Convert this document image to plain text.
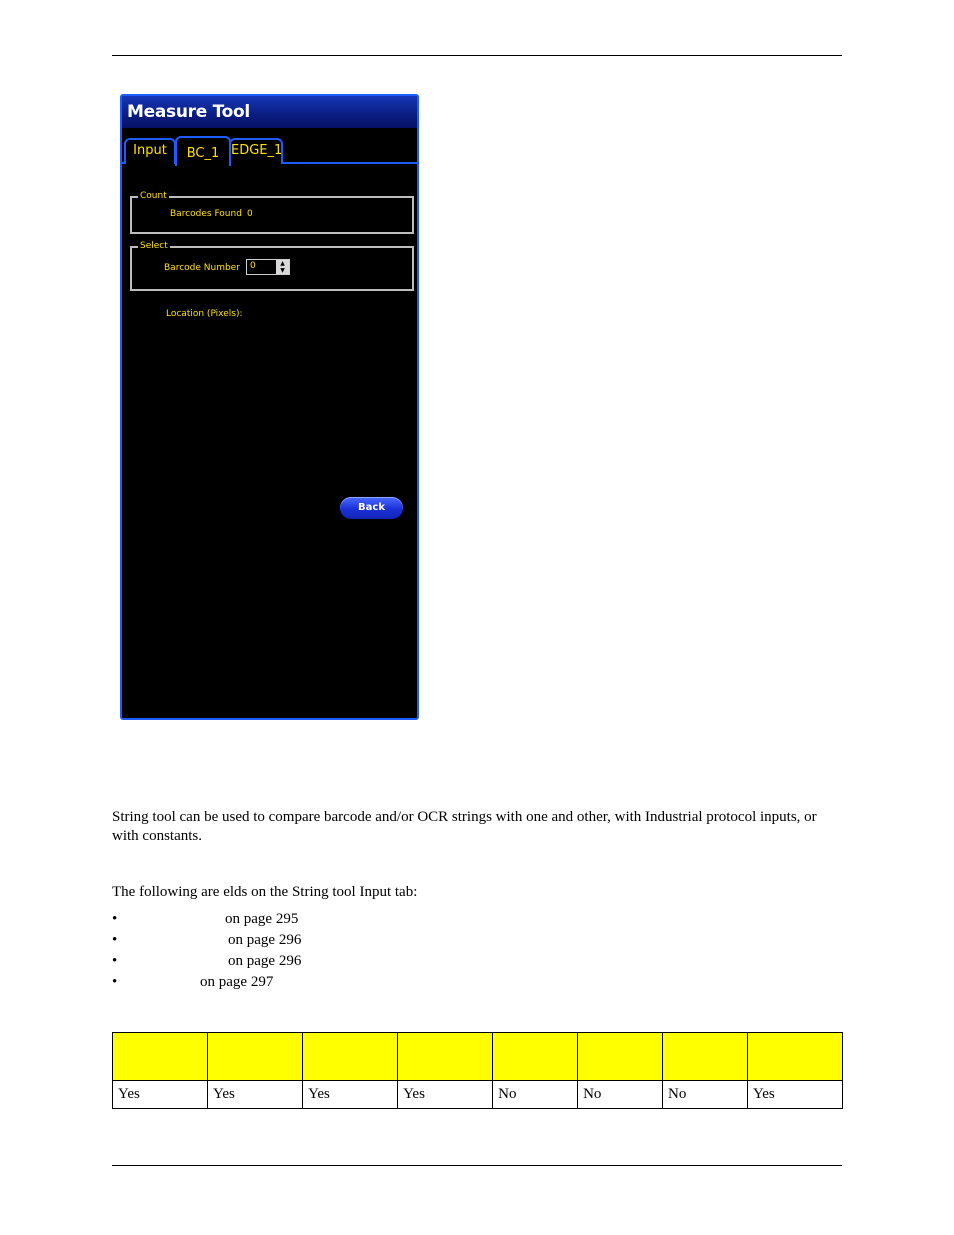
Measure Tool
Input	BC_1 EDGE_1
Count
Barcodes Found 0
Select
Barcode Number 0	▲
▼
Location (Pixels):
Back
String tool can be used to compare barcode and/or OCR strings with one and other, with Industrial protocol inputs, or with constants.
The following are elds on the String tool Input tab:
•	on page 295
•	on page 296
•	on page 296
•	on page 297

Yes	Yes	Yes	Yes	No	No	No	Yes
